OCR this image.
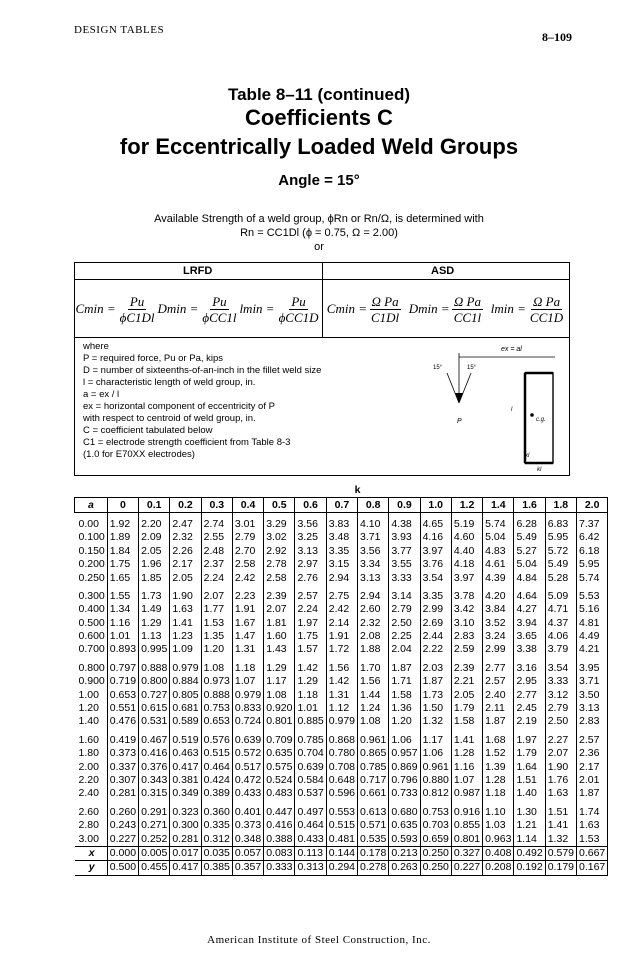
DESIGN TABLES	8–109
Table 8–11 (continued)
Coefficients C
for Eccentrically Loaded Weld Groups
Angle = 15°
Available Strength of a weld group, ϕRn or Rn/Ω, is determined with
Rn = CC1Dl (ϕ = 0.75, Ω = 2.00)
or
LRFD	ASD
$Cmin = \frac{Pu}{\phi C1Dl}$ $Dmin = \frac{Pu}{\text{ϕCC1l}}$ $lmin = \frac{Pu}{\text{ϕCC1D}}$ $Cmin = \frac{\text{Ω Pa}}{C1Dl}$ $Dmin = \frac{\text{Ω Pa}}{CC1l}$ $lmin = \frac{\text{Ω Pa}}{CC1D}$
where
P = required force, Pu or Pa, kips
D = number of sixteenths-of-an-inch in the fillet weld size
l = characteristic length of weld group, in.
a = ex / l
ex = horizontal component of eccentricity of P
with respect to centroid of weld group, in.
C = coefficient tabulated below
C1 = electrode strength coefficient from Table 8-3
(1.0 for E70XX electrodes)
ex = al
15°	15°
P
l
c.g.
xl
kl
	k															
a	0	0.1	0.2	0.3	0.4	0.5	0.6	0.7	0.8	0.9	1.0	1.2	1.4	1.6	1.8	2.0

0.00	1.92	2.20	2.47	2.74	3.01	3.29	3.56	3.83	4.10	4.38	4.65	5.19	5.74	6.28	6.83	7.37
0.100	1.89	2.09	2.32	2.55	2.79	3.02	3.25	3.48	3.71	3.93	4.16	4.60	5.04	5.49	5.95	6.42
0.150	1.84	2.05	2.26	2.48	2.70	2.92	3.13	3.35	3.56	3.77	3.97	4.40	4.83	5.27	5.72	6.18
0.200	1.75	1.96	2.17	2.37	2.58	2.78	2.97	3.15	3.34	3.55	3.76	4.18	4.61	5.04	5.49	5.95
0.250	1.65	1.85	2.05	2.24	2.42	2.58	2.76	2.94	3.13	3.33	3.54	3.97	4.39	4.84	5.28	5.74

0.300	1.55	1.73	1.90	2.07	2.23	2.39	2.57	2.75	2.94	3.14	3.35	3.78	4.20	4.64	5.09	5.53
0.400	1.34	1.49	1.63	1.77	1.91	2.07	2.24	2.42	2.60	2.79	2.99	3.42	3.84	4.27	4.71	5.16
0.500	1.16	1.29	1.41	1.53	1.67	1.81	1.97	2.14	2.32	2.50	2.69	3.10	3.52	3.94	4.37	4.81
0.600	1.01	1.13	1.23	1.35	1.47	1.60	1.75	1.91	2.08	2.25	2.44	2.83	3.24	3.65	4.06	4.49
0.700	0.893	0.995	1.09	1.20	1.31	1.43	1.57	1.72	1.88	2.04	2.22	2.59	2.99	3.38	3.79	4.21

0.800	0.797	0.888	0.979	1.08	1.18	1.29	1.42	1.56	1.70	1.87	2.03	2.39	2.77	3.16	3.54	3.95
0.900	0.719	0.800	0.884	0.973	1.07	1.17	1.29	1.42	1.56	1.71	1.87	2.21	2.57	2.95	3.33	3.71
1.00	0.653	0.727	0.805	0.888	0.979	1.08	1.18	1.31	1.44	1.58	1.73	2.05	2.40	2.77	3.12	3.50
1.20	0.551	0.615	0.681	0.753	0.833	0.920	1.01	1.12	1.24	1.36	1.50	1.79	2.11	2.45	2.79	3.13
1.40	0.476	0.531	0.589	0.653	0.724	0.801	0.885	0.979	1.08	1.20	1.32	1.58	1.87	2.19	2.50	2.83

1.60	0.419	0.467	0.519	0.576	0.639	0.709	0.785	0.868	0.961	1.06	1.17	1.41	1.68	1.97	2.27	2.57
1.80	0.373	0.416	0.463	0.515	0.572	0.635	0.704	0.780	0.865	0.957	1.06	1.28	1.52	1.79	2.07	2.36
2.00	0.337	0.376	0.417	0.464	0.517	0.575	0.639	0.708	0.785	0.869	0.961	1.16	1.39	1.64	1.90	2.17
2.20	0.307	0.343	0.381	0.424	0.472	0.524	0.584	0.648	0.717	0.796	0.880	1.07	1.28	1.51	1.76	2.01
2.40	0.281	0.315	0.349	0.389	0.433	0.483	0.537	0.596	0.661	0.733	0.812	0.987	1.18	1.40	1.63	1.87

2.60	0.260	0.291	0.323	0.360	0.401	0.447	0.497	0.553	0.613	0.680	0.753	0.916	1.10	1.30	1.51	1.74
2.80	0.243	0.271	0.300	0.335	0.373	0.416	0.464	0.515	0.571	0.635	0.703	0.855	1.03	1.21	1.41	1.63
3.00	0.227	0.252	0.281	0.312	0.348	0.388	0.433	0.481	0.535	0.593	0.659	0.801	0.963	1.14	1.32	1.53
x	0.000	0.005	0.017	0.035	0.057	0.083	0.113	0.144	0.178	0.213	0.250	0.327	0.408	0.492	0.579	0.667
y	0.500	0.455	0.417	0.385	0.357	0.333	0.313	0.294	0.278	0.263	0.250	0.227	0.208	0.192	0.179	0.167
American Institute of Steel Construction, Inc.
